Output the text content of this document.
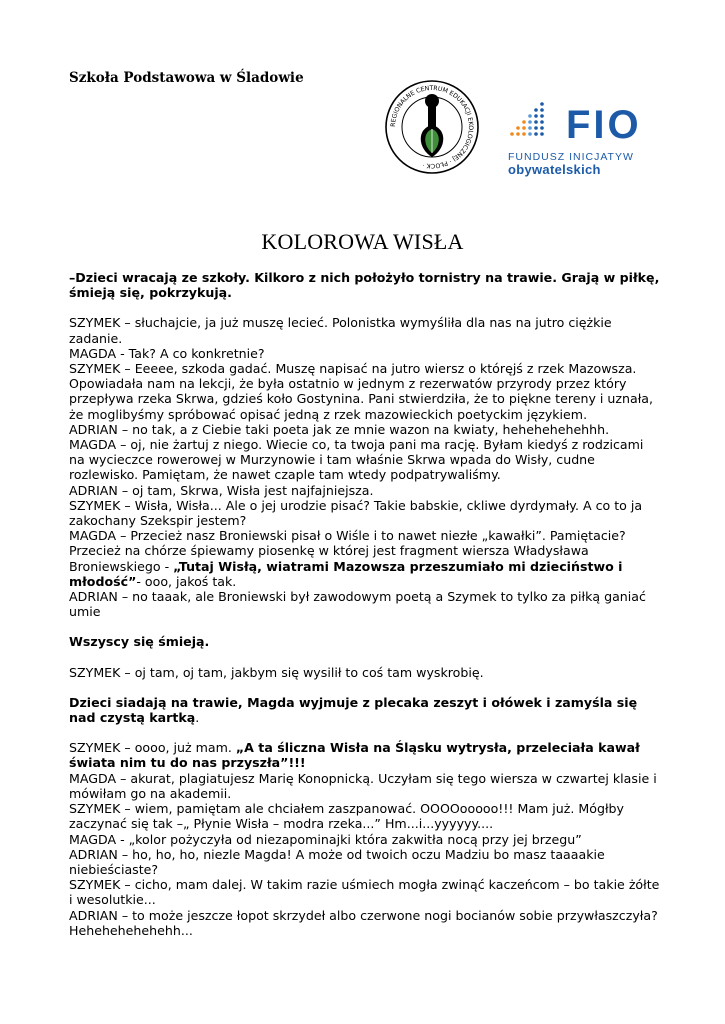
Szkoła Podstawowa w Śladowie
REGIONALNE CENTRUM EDUKACJI EKOLOGICZNEJ · PŁOCK ·
FIO
FUNDUSZ INICJATYW
obywatelskich
KOLOROWA WISŁA

–Dzieci wracają ze szkoły. Kilkoro z nich położyło tornistry na trawie. Grają w piłkę, śmieją się, pokrzykują.

SZYMEK – słuchajcie, ja już muszę lecieć. Polonistka wymyśliła dla nas na jutro ciężkie zadanie.

MAGDA - Tak? A co konkretnie?

SZYMEK – Eeeee, szkoda gadać. Muszę napisać na jutro wiersz o któręjś z rzek Mazowsza. Opowiadała nam na lekcji, że była ostatnio w jednym z rezerwatów przyrody przez który przepływa rzeka Skrwa, gdzieś koło Gostynina. Pani stwierdziła, że to piękne tereny i uznała, że moglibyśmy spróbować opisać jedną z rzek mazowieckich poetyckim językiem.

ADRIAN – no tak, a z Ciebie taki poeta jak ze mnie wazon na kwiaty, hehehehehehhh.

MAGDA – oj, nie żartuj z niego. Wiecie co, ta twoja pani ma rację. Byłam kiedyś z rodzicami na wycieczce rowerowej w Murzynowie i tam właśnie Skrwa wpada do Wisły, cudne rozlewisko. Pamiętam, że nawet czaple tam wtedy podpatrywaliśmy.

ADRIAN – oj tam, Skrwa, Wisła jest najfajniejsza.

SZYMEK – Wisła, Wisła... Ale o jej urodzie pisać? Takie babskie, ckliwe dyrdymały. A co to ja zakochany Szekspir jestem?

MAGDA – Przecież nasz Broniewski pisał o Wiśle i to nawet niezłe „kawałki”. Pamiętacie? Przecież na chórze śpiewamy piosenkę w której jest fragment wiersza Władysława Broniewskiego - „Tutaj Wisłą, wiatrami Mazowsza przeszumiało mi dzieciństwo i młodość”- ooo, jakoś tak.

ADRIAN – no taaak, ale Broniewski był zawodowym poetą a Szymek to tylko za piłką ganiać umie

Wszyscy się śmieją.

SZYMEK – oj tam, oj tam, jakbym się wysilił to coś tam wyskrobię.

Dzieci siadają na trawie, Magda wyjmuje z plecaka zeszyt i ołówek i zamyśla się nad czystą kartką.

SZYMEK – oooo, już mam. „A ta śliczna Wisła na Śląsku wytrysła, przeleciała kawał świata nim tu do nas przyszła”!!!

MAGDA – akurat, plagiatujesz Marię Konopnicką. Uczyłam się tego wiersza w czwartej klasie i mówiłam go na akademii.

SZYMEK – wiem, pamiętam ale chciałem zaszpanować. OOOOooooo!!! Mam już. Mógłby zaczynać się tak –„ Płynie Wisła – modra rzeka...” Hm...i...yyyyyy....

MAGDA - „kolor pożyczyła od niezapominajki która zakwitła nocą przy jej brzegu”

ADRIAN – ho, ho, ho, niezle Magda! A może od twoich oczu Madziu bo masz taaaakie niebieściaste?

SZYMEK – cicho, mam dalej. W takim razie uśmiech mogła zwinąć kaczeńcom – bo takie żółte i wesolutkie...

ADRIAN – to może jeszcze łopot skrzydeł albo czerwone nogi bocianów sobie przywłaszczyła? Hehehehehehehh...
